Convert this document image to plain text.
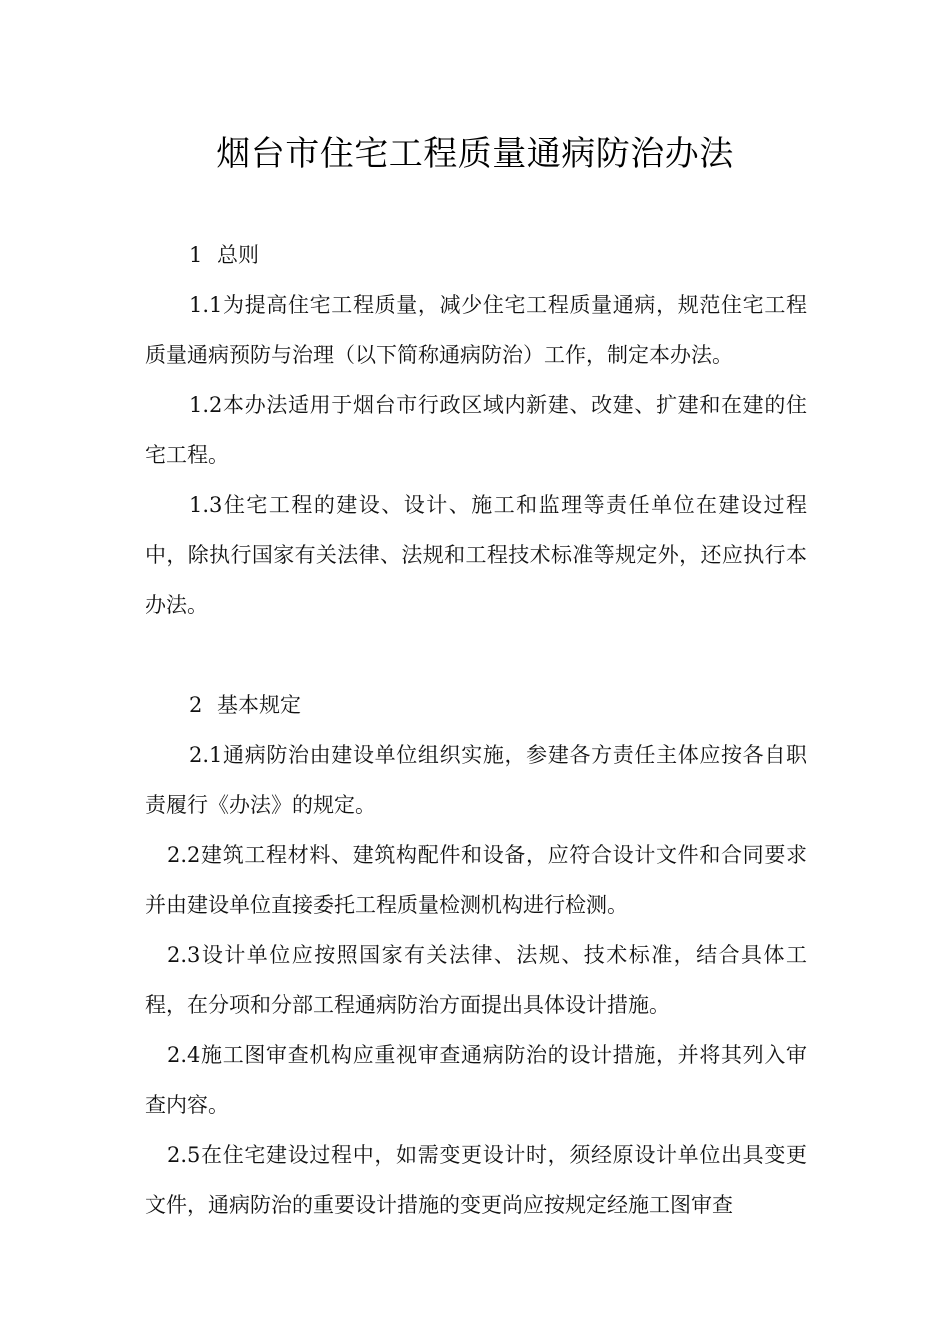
烟台市住宅工程质量通病防治办法

1 总则

1.1为提高住宅工程质量，减少住宅工程质量通病，规范住宅工程质量通病预防与治理（以下简称通病防治）工作，制定本办法。

1.2本办法适用于烟台市行政区域内新建、改建、扩建和在建的住宅工程。

1.3住宅工程的建设、设计、施工和监理等责任单位在建设过程中，除执行国家有关法律、法规和工程技术标准等规定外，还应执行本办法。

2 基本规定

2.1通病防治由建设单位组织实施，参建各方责任主体应按各自职责履行《办法》的规定。

2.2建筑工程材料、建筑构配件和设备，应符合设计文件和合同要求并由建设单位直接委托工程质量检测机构进行检测。

2.3设计单位应按照国家有关法律、法规、技术标准，结合具体工程，在分项和分部工程通病防治方面提出具体设计措施。

2.4施工图审查机构应重视审查通病防治的设计措施，并将其列入审查内容。

2.5在住宅建设过程中，如需变更设计时，须经原设计单位出具变更文件，通病防治的重要设计措施的变更尚应按规定经施工图审查
